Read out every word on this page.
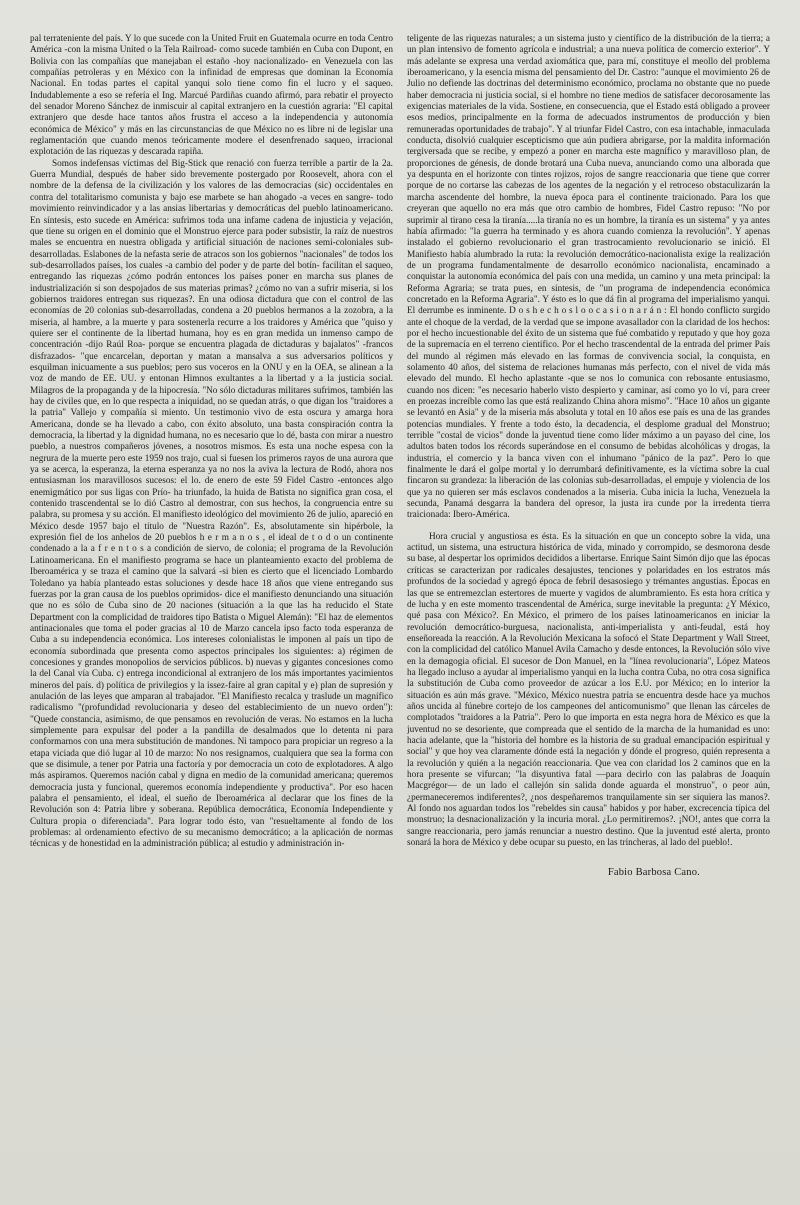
pal terrateniente del país. Y lo que sucede con la United Fruit en Guatemala ocurre en toda Centro América -con la misma United o la Tela Railroad- como sucede también en Cuba con Dupont, en Bolivia con las compañías que manejaban el estaño -hoy nacionalizado- en Venezuela con las compañías petroleras y en México con la infinidad de empresas que dominan la Economía Nacional. En todas partes el capital yanqui solo tiene como fin el lucro y el saqueo. Indudablemente a eso se refería el Ing. Marcué Pardiñas cuando afirmó, para rebatir el proyecto del senador Moreno Sánchez de inmiscuir al capital extranjero en la cuestión agraria: "El capital extranjero que desde hace tantos años frustra el acceso a la independencia y autonomía económica de México" y más en las circunstancias de que México no es libre ni de legislar una reglamentación que cuando menos teóricamente modere el desenfrenado saqueo, irracional explotación de las riquezas y descarada rapiña.

Somos indefensas víctimas del Big-Stick que renació con fuerza terrible a partir de la 2a. Guerra Mundial, después de haber sido brevemente postergado por Roosevelt, ahora con el nombre de la defensa de la civilización y los valores de las democracias (sic) occidentales en contra del totalitarismo comunista y bajo ese marbete se han ahogado -a veces en sangre- todo movimiento reinvindicador y a las ansias libertarias y democráticas del pueblo latinoamericano. En síntesis, esto sucede en América: sufrimos toda una infame cadena de injusticia y vejación, que tiene su origen en el dominio que el Monstruo ejerce para poder subsistir, la raíz de nuestros males se encuentra en nuestra obligada y artificial situación de naciones semi-coloniales sub-desarrolladas. Eslabones de la nefasta serie de atracos son los gobiernos "nacionales" de todos los sub-desarrollados países, los cuales -a cambio del poder y de parte del botín- facilitan el saqueo, entregando las riquezas ¿cómo podrán entonces los países poner en marcha sus planes de industrialización si son despojados de sus materias primas? ¿cómo no van a sufrir miseria, si los gobiernos traidores entregan sus riquezas?. En una odiosa dictadura que con el control de las economías de 20 colonias sub-desarrolladas, condena a 20 pueblos hermanos a la zozobra, a la miseria, al hambre, a la muerte y para sostenerla recurre a los traidores y América que "quiso y quiere ser el continente de la libertad humana, hoy es en gran medida un inmenso campo de concentración -dijo Raúl Roa- porque se encuentra plagada de dictaduras y bajalatos" -francos disfrazados- "que encarcelan, deportan y matan a mansalva a sus adversarios políticos y esquilman inicuamente a sus pueblos; pero sus voceros en la ONU y en la OEA, se alinean a la voz de mando de EE. UU. y entonan Himnos exultantes a la libertad y a la justicia social. Milagros de la propaganda y de la hipocresía. "No sólo dictaduras militares sufrimos, también las hay de civiles que, en lo que respecta a iniquidad, no se quedan atrás, o que digan los "traidores a la patria" Vallejo y compañía si miento. Un testimonio vivo de esta oscura y amarga hora Americana, donde se ha llevado a cabo, con éxito absoluto, una basta conspiración contra la democracia, la libertad y la dignidad humana, no es necesario que lo dé, basta con mirar a nuestro pueblo, a nuestros compañeros jóvenes, a nosotros mismos. Es esta una noche espesa con la negrura de la muerte pero este 1959 nos trajo, cual si fuesen los primeros rayos de una aurora que ya se acerca, la esperanza, la eterna esperanza ya no nos la aviva la lectura de Rodó, ahora nos entusiasman los maravillosos sucesos: el lo. de enero de este 59 Fidel Castro -entonces algo enemigmático por sus ligas con Prío- ha triunfado, la huida de Batista no significa gran cosa, el contenido trascendental se lo dió Castro al demostrar, con sus hechos, la congruencia entre su palabra, su promesa y su acción. El manifiesto ideológico del movimiento 26 de julio, apareció en México desde 1957 bajo el título de "Nuestra Razón". Es, absolutamente sin hipérbole, la expresión fiel de los anhelos de 20 pueblos h e r m a n o s , el ideal de t o d o un continente condenado a la a f r e n t o s a condición de siervo, de colonia; el programa de la Revolución Latinoamericana. En el manifiesto programa se hace un planteamiento exacto del problema de Iberoamérica y se traza el camino que la salvará -si bien es cierto que el licenciado Lombardo Toledano ya había planteado estas soluciones y desde hace 18 años que viene entregando sus fuerzas por la gran causa de los pueblos oprimidos- dice el manifiesto denunciando una situación que no es sólo de Cuba sino de 20 naciones (situación a la que las ha reducido el State Department con la complicidad de traidores tipo Batista o Miguel Alemán): "El haz de elementos antinacionales que toma el poder gracias al 10 de Marzo cancela ipso facto toda esperanza de Cuba a su independencia económica. Los intereses colonialistas le imponen al país un tipo de economía subordinada que presenta como aspectos principales los siguientes: a) régimen de concesiones y grandes monopolios de servicios públicos. b) nuevas y gigantes concesiones como la del Canal vía Cuba. c) entrega incondicional al extranjero de los más importantes yacimientos mineros del país. d) política de privilegios y la issez-faire al gran capital y e) plan de supresión y anulación de las leyes que amparan al trabajador. "El Manifiesto recalca y traslude un magnífico radicalismo "(profundidad revolucionaria y deseo del establecimiento de un nuevo orden"): "Quede constancia, asimismo, de que pensamos en revolución de veras. No estamos en la lucha simplemente para expulsar del poder a la pandilla de desalmados que lo detenta ni para conformarnos con una mera substitución de mandones. Ni tampoco para propiciar un regreso a la etapa viciada que dió lugar al 10 de marzo: No nos resignamos, cualquiera que sea la forma con que se disimule, a tener por Patria una factoría y por democracia un coto de explotadores. A algo más aspiramos. Queremos nación cabal y digna en medio de la comunidad americana; queremos democracia justa y funcional, queremos economía independiente y productiva". Por eso hacen palabra el pensamiento, el ideal, el sueño de Iberoamérica al declarar que los fines de la Revolución son 4: Patria libre y soberana. República democrática, Economía Independiente y Cultura propia o diferenciada". Para lograr todo ésto, van "resueltamente al fondo de los problemas: al ordenamiento efectivo de su mecanismo democrático; a la aplicación de normas técnicas y de honestidad en la administración pública; al estudio y administración in-

teligente de las riquezas naturales; a un sistema justo y científico de la distribución de la tierra; a un plan intensivo de fomento agrícola e industrial; a una nueva política de comercio exterior". Y más adelante se expresa una verdad axiomática que, para mí, constituye el meollo del problema iberoamericano, y la esencia misma del pensamiento del Dr. Castro: "aunque el movimiento 26 de Julio no defiende las doctrinas del determinismo económico, proclama no obstante que no puede haber democracia ni justicia social, si el hombre no tiene medios de satisfacer decorosamente las exigencias materiales de la vida. Sostiene, en consecuencia, que el Estado está obligado a proveer esos medios, principalmente en la forma de adecuados instrumentos de producción y bien remuneradas oportunidades de trabajo". Y al triunfar Fidel Castro, con esa intachable, inmaculada conducta, disolvió cualquier escepticismo que aún pudiera abrigarse, por la maldita información tergiversada que se recibe, y empezó a poner en marcha este magnífico y maravilloso plan, de proporciones de génesis, de donde brotará una Cuba nueva, anunciando como una alborada que ya despunta en el horizonte con tintes rojizos, rojos de sangre reaccionaria que tiene que correr porque de no cortarse las cabezas de los agentes de la negación y el retroceso obstaculizarán la marcha ascendente del hombre, la nueva época para el continente traicionado. Para los que creyeran que aquello no era más que otro cambio de hombres, Fidel Castro repuso: "No por suprimir al tirano cesa la tiranía.....la tiranía no es un hombre, la tiranía es un sistema" y ya antes había afirmado: "la guerra ha terminado y es ahora cuando comienza la revolución". Y apenas instalado el gobierno revolucionario el gran trastrocamiento revolucionario se inició. El Manifiesto había alumbrado la ruta: la revolución democrático-nacionalista exige la realización de un programa fundamentalmente de desarrollo económico nacionalista, encaminado a conquistar la autonomía económica del país con una medida, un camino y una meta principal: la Reforma Agraria; se trata pues, en síntesis, de "un programa de independencia económica concretado en la Reforma Agraria". Y ésto es lo que dá fin al programa del imperialismo yanqui. El derrumbe es inminente. D o s h e c h o s l o o c a s i o n a r á n : El hondo conflicto surgido ante el choque de la verdad, de la verdad que se impone avasallador con la claridad de los hechos: por el hecho incuestionable del éxito de un sistema que fué combatido y reputado y que hoy goza de la supremacía en el terreno científico. Por el hecho trascendental de la entrada del primer País del mundo al régimen más elevado en las formas de convivencia social, la conquista, en solamento 40 años, del sistema de relaciones humanas más perfecto, con el nivel de vida más elevado del mundo. El hecho aplastante -que se nos lo comunica con rebosante entusiasmo, cuando nos dicen: "es necesario haberlo visto despierto y caminar, así como yo lo ví, para creer en proezas increíble como las que está realizando China ahora mismo". "Hace 10 años un gigante se levantó en Asia" y de la miseria más absoluta y total en 10 años ese país es una de las grandes potencias mundiales. Y frente a todo ésto, la decadencia, el desplome gradual del Monstruo; terrible "costal de vicios" donde la juventud tiene como líder máximo a un payaso del cine, los adultos baten todos los récords superándose en el consumo de bebidas alcohólicas y drogas, la industria, el comercio y la banca viven con el inhumano "pánico de la paz". Pero lo que finalmente le dará el golpe mortal y lo derrumbará definitivamente, es la víctima sobre la cual fincaron su grandeza: la liberación de las colonias sub-desarrolladas, el empuje y violencia de los que ya no quieren ser más esclavos condenados a la miseria. Cuba inicia la lucha, Venezuela la secunda, Panamá desgarra la bandera del opresor, la justa ira cunde por la irredenta tierra traicionada: Ibero-América.

Hora crucial y angustiosa es ésta. Es la situación en que un concepto sobre la vida, una actitud, un sistema, una estructura histórica de vida, minado y corrompido, se desmorona desde su base, al despertar los oprimidos decididos a libertarse. Enrique Saint Simón dijo que las épocas críticas se caracterizan por radicales desajustes, tenciones y polaridades en los estratos más profundos de la sociedad y agregó época de febril desasosiego y trémantes angustias. Épocas en las que se entremezclan estertores de muerte y vagidos de alumbramiento. Es esta hora crítica y de lucha y en este momento trascendental de América, surge inevitable la pregunta: ¿Y México, qué pasa con México?. En México, el primero de los países latinoamericanos en iniciar la revolución democrático-burguesa, nacionalista, anti-imperialista y anti-feudal, está hoy enseñoreada la reacción. A la Revolución Mexicana la sofocó el State Department y Wall Street, con la complicidad del católico Manuel Avila Camacho y desde entonces, la Revolución sólo vive en la demagogia oficial. El sucesor de Don Manuel, en la "línea revolucionaria", López Mateos ha llegado incluso a ayudar al imperialismo yanqui en la lucha contra Cuba, no otra cosa significa la substitución de Cuba como proveedor de azúcar a los E.U. por México; en lo interior la situación es aún más grave. "México, México nuestra patria se encuentra desde hace ya muchos años uncida al fúnebre cortejo de los campeones del anticomunismo" que llenan las cárceles de complotados "traidores a la Patria". Pero lo que importa en esta negra hora de México es que la juventud no se desoriente, que compreada que el sentido de la marcha de la humanidad es uno: hacia adelante, que la "historia del hombre es la historia de su gradual emancipación espiritual y social" y que hoy vea claramente dónde está la negación y dónde el progreso, quién representa a la revolución y quién a la negación reaccionaria. Que vea con claridad los 2 caminos que en la hora presente se vifurcan; "la disyuntiva fatal —para decirlo con las palabras de Joaquín Macgrégor— de un lado el callejón sin salida donde aguarda el monstruo", o peor aún, ¿permaneceremos indiferentes?, ¿nos despeñaremos tranquilamente sin ser siquiera las manos?. Al fondo nos aguardan todos los "rebeldes sin causa" habidos y por haber, excrecencia típica del monstruo; la desnacionalización y la incuria moral. ¿Lo permitiremos?. ¡NO!, antes que corra la sangre reaccionaria, pero jamás renunciar a nuestro destino. Que la juventud esté alerta, pronto sonará la hora de México y debe ocupar su puesto, en las trincheras, al lado del pueblo!.

Fabio Barbosa Cano.
